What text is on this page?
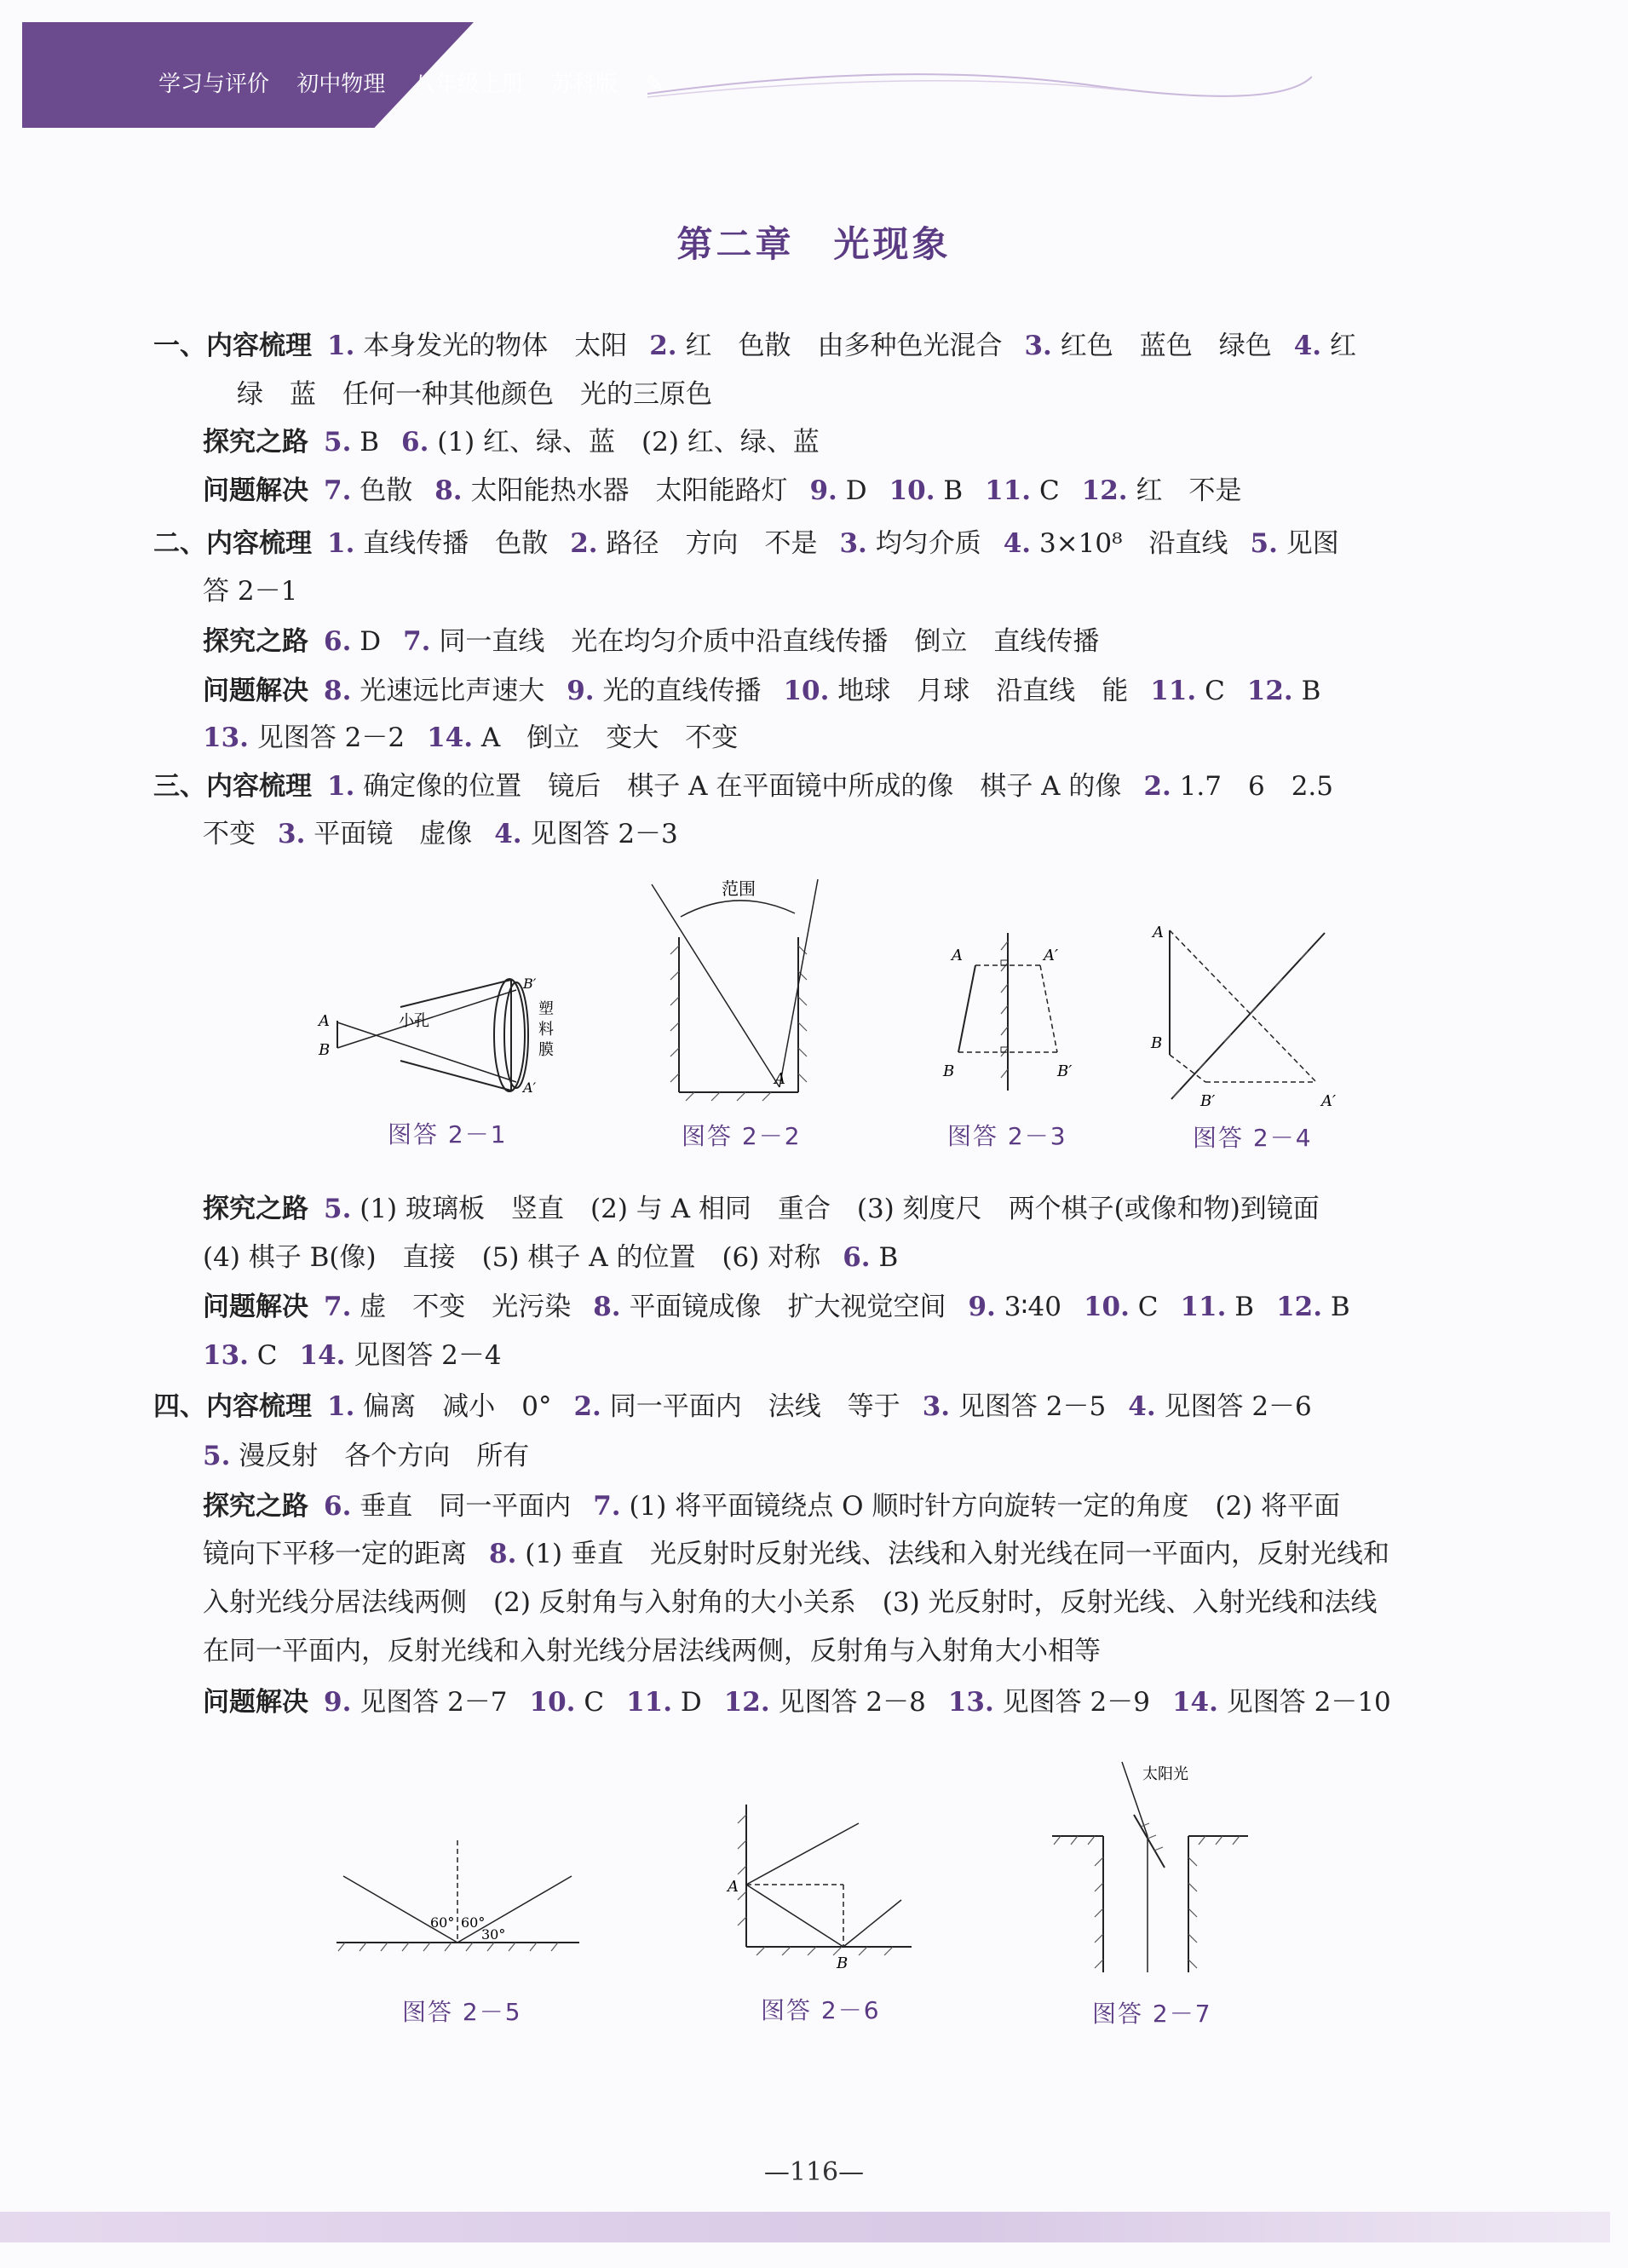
学习与评价 初中物理 八年级上册 苏科版 ✎
第二章　光现象
一、内容梳理 1. 本身发光的物体　太阳 2. 红　色散　由多种色光混合 3. 红色　蓝色　绿色 4. 红
绿　蓝　任何一种其他颜色　光的三原色
探究之路 5. B 6. (1) 红、绿、蓝　(2) 红、绿、蓝
问题解决 7. 色散 8. 太阳能热水器　太阳能路灯 9. D 10. B 11. C 12. 红　不是
二、内容梳理 1. 直线传播　色散 2. 路径　方向　不是 3. 均匀介质 4. 3×10⁸　沿直线 5. 见图
答 2－1
探究之路 6. D 7. 同一直线　光在均匀介质中沿直线传播　倒立　直线传播
问题解决 8. 光速远比声速大 9. 光的直线传播 10. 地球　月球　沿直线　能 11. C 12. B
13. 见图答 2－2 14. A　倒立　变大　不变
三、内容梳理 1. 确定像的位置　镜后　棋子 A 在平面镜中所成的像　棋子 A 的像 2. 1.7　6　2.5
不变 3. 平面镜　虚像 4. 见图答 2－3
探究之路 5. (1) 玻璃板　竖直　(2) 与 A 相同　重合　(3) 刻度尺　两个棋子(或像和物)到镜面
(4) 棋子 B(像)　直接　(5) 棋子 A 的位置　(6) 对称 6. B
问题解决 7. 虚　不变　光污染 8. 平面镜成像　扩大视觉空间 9. 3∶40 10. C 11. B 12. B
13. C 14. 见图答 2－4
四、内容梳理 1. 偏离　减小　0° 2. 同一平面内　法线　等于 3. 见图答 2－5 4. 见图答 2－6
5. 漫反射　各个方向　所有
探究之路 6. 垂直　同一平面内 7. (1) 将平面镜绕点 O 顺时针方向旋转一定的角度　(2) 将平面
镜向下平移一定的距离 8. (1) 垂直　光反射时反射光线、法线和入射光线在同一平面内，反射光线和
入射光线分居法线两侧　(2) 反射角与入射角的大小关系　(3) 光反射时，反射光线、入射光线和法线
在同一平面内，反射光线和入射光线分居法线两侧，反射角与入射角大小相等
问题解决 9. 见图答 2－7 10. C 11. D 12. 见图答 2－8 13. 见图答 2－9 14. 见图答 2－10
A
B
小孔
B′
A′
塑
料
膜
图答 2－1
范围
A
图答 2－2
A	A′
B	B′
图答 2－3
A
B
B′	A′
图答 2－4
60° 60°
30°
图答 2－5
A
B
图答 2－6
太阳光
图答 2－7
—116—
